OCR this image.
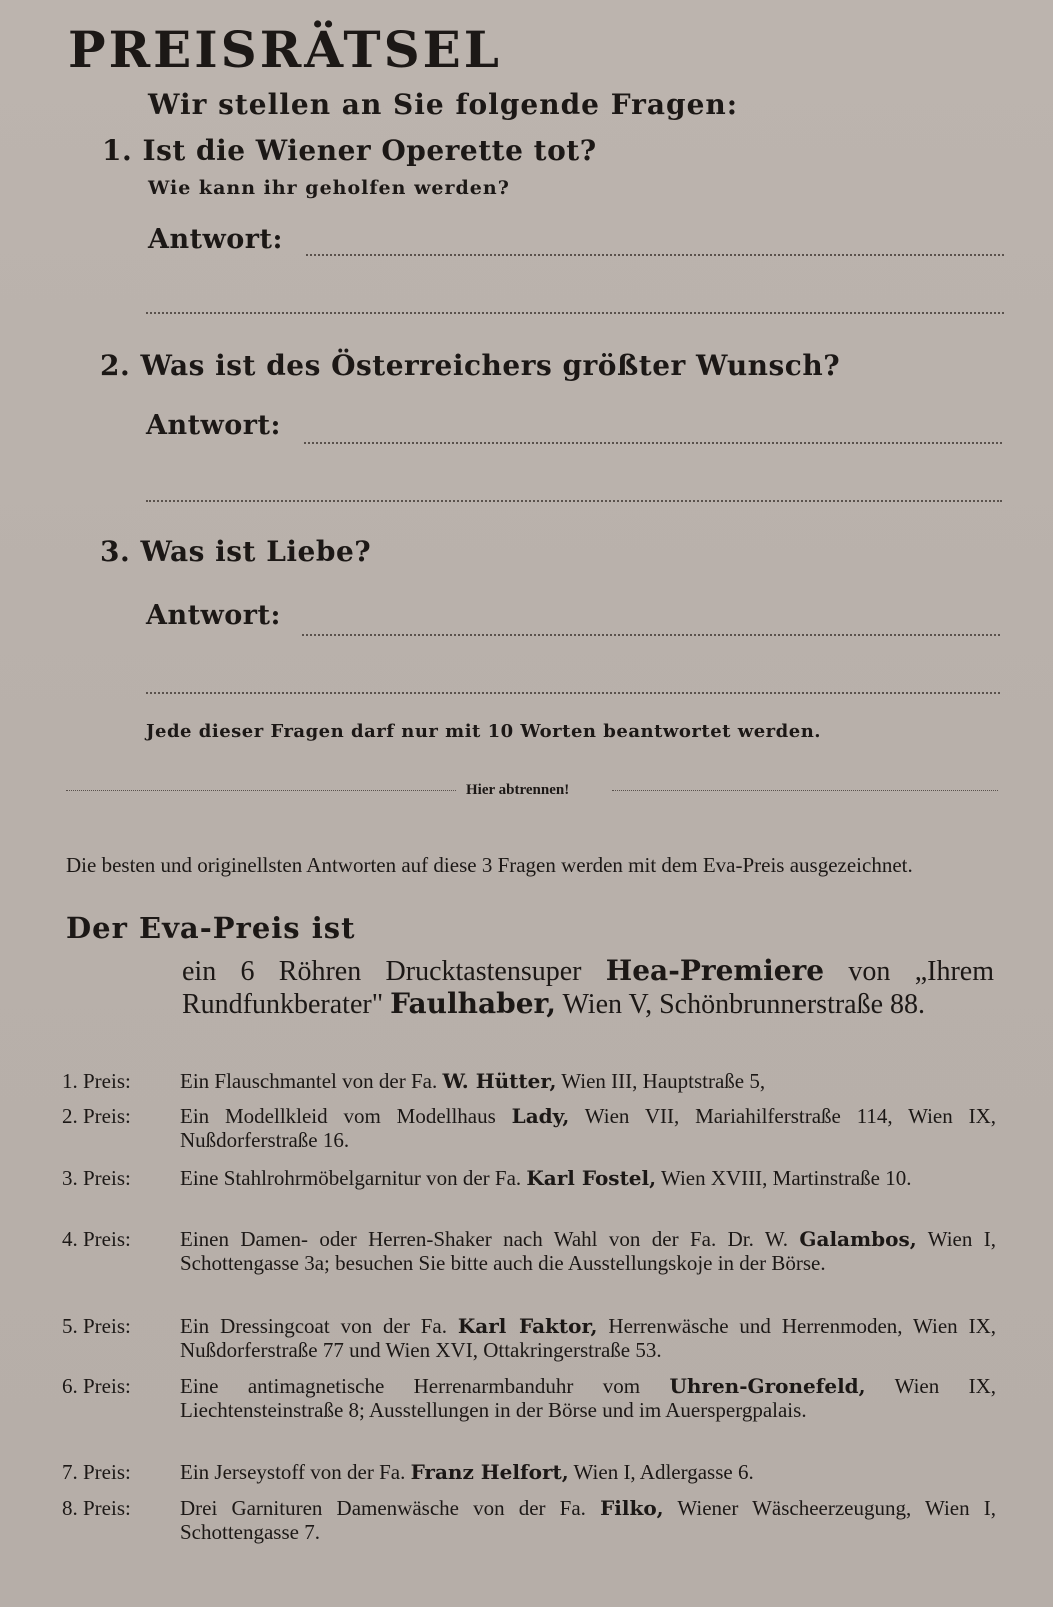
PREISRÄTSEL
Wir stellen an Sie folgende Fragen:
1. Ist die Wiener Operette tot?
Wie kann ihr geholfen werden?
Antwort:
2. Was ist des Österreichers größter Wunsch?
Antwort:
3. Was ist Liebe?
Antwort:
Jede dieser Fragen darf nur mit 10 Worten beantwortet werden.
Hier abtrennen!
Die besten und originellsten Antworten auf diese 3 Fragen werden mit dem Eva-Preis ausgezeichnet.
Der Eva-Preis ist
ein 6 Röhren Drucktastensuper Hea-Premiere von „Ihrem Rundfunkberater" Faulhaber, Wien V, Schönbrunnerstraße 88.
1. Preis:	Ein Flauschmantel von der Fa. W. Hütter, Wien III, Hauptstraße 5,
2. Preis:	Ein Modellkleid vom Modellhaus Lady, Wien VII, Mariahilferstraße 114, Wien IX, Nußdorferstraße 16.
3. Preis:	Eine Stahlrohrmöbelgarnitur von der Fa. Karl Fostel, Wien XVIII, Martinstraße 10.
4. Preis:	Einen Damen- oder Herren-Shaker nach Wahl von der Fa. Dr. W. Galambos, Wien I, Schottengasse 3a; besuchen Sie bitte auch die Ausstellungskoje in der Börse.
5. Preis:	Ein Dressingcoat von der Fa. Karl Faktor, Herrenwäsche und Herrenmoden, Wien IX, Nußdorferstraße 77 und Wien XVI, Ottakringerstraße 53.
6. Preis:	Eine antimagnetische Herrenarmbanduhr vom Uhren-Gronefeld, Wien IX, Liechtensteinstraße 8; Ausstellungen in der Börse und im Auerspergpalais.
7. Preis:	Ein Jerseystoff von der Fa. Franz Helfort, Wien I, Adlergasse 6.
8. Preis:	Drei Garnituren Damenwäsche von der Fa. Filko, Wiener Wäscheerzeugung, Wien I, Schottengasse 7.
